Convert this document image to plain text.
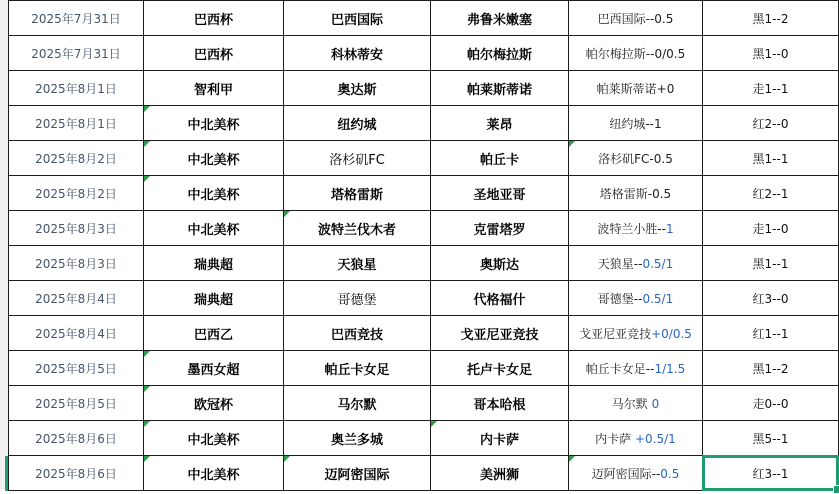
2025年7月31日	巴西杯	巴西国际	弗鲁米嫩塞	巴西国际--0.5	黑1--2
2025年7月31日	巴西杯	科林蒂安	帕尔梅拉斯	帕尔梅拉斯--0/0.5	黑1--0
2025年8月1日	智利甲	奥达斯	帕莱斯蒂诺	帕莱斯蒂诺+0	走1--1
2025年8月1日	中北美杯	纽约城	莱昂	纽约城--1	红2--0
2025年8月2日	中北美杯	洛杉矶FC	帕丘卡	洛杉矶FC-0.5	黑1--1
2025年8月2日	中北美杯	塔格雷斯	圣地亚哥	塔格雷斯-0.5	红2--1
2025年8月3日	中北美杯	波特兰伐木者	克雷塔罗	波特兰小胜--1	走1--0
2025年8月3日	瑞典超	天狼星	奥斯达	天狼星--0.5/1	黑1--1
2025年8月4日	瑞典超	哥德堡	代格福什	哥德堡--0.5/1	红3--0
2025年8月4日	巴西乙	巴西竞技	戈亚尼亚竞技	戈亚尼亚竞技+0/0.5	红1--1
2025年8月5日	墨西女超	帕丘卡女足	托卢卡女足	帕丘卡女足--1/1.5	黑1--2
2025年8月5日	欧冠杯	马尔默	哥本哈根	马尔默 0	走0--0
2025年8月6日	中北美杯	奥兰多城	内卡萨	内卡萨 +0.5/1	黑5--1
2025年8月6日	中北美杯	迈阿密国际	美洲狮	迈阿密国际--0.5	红3--1
